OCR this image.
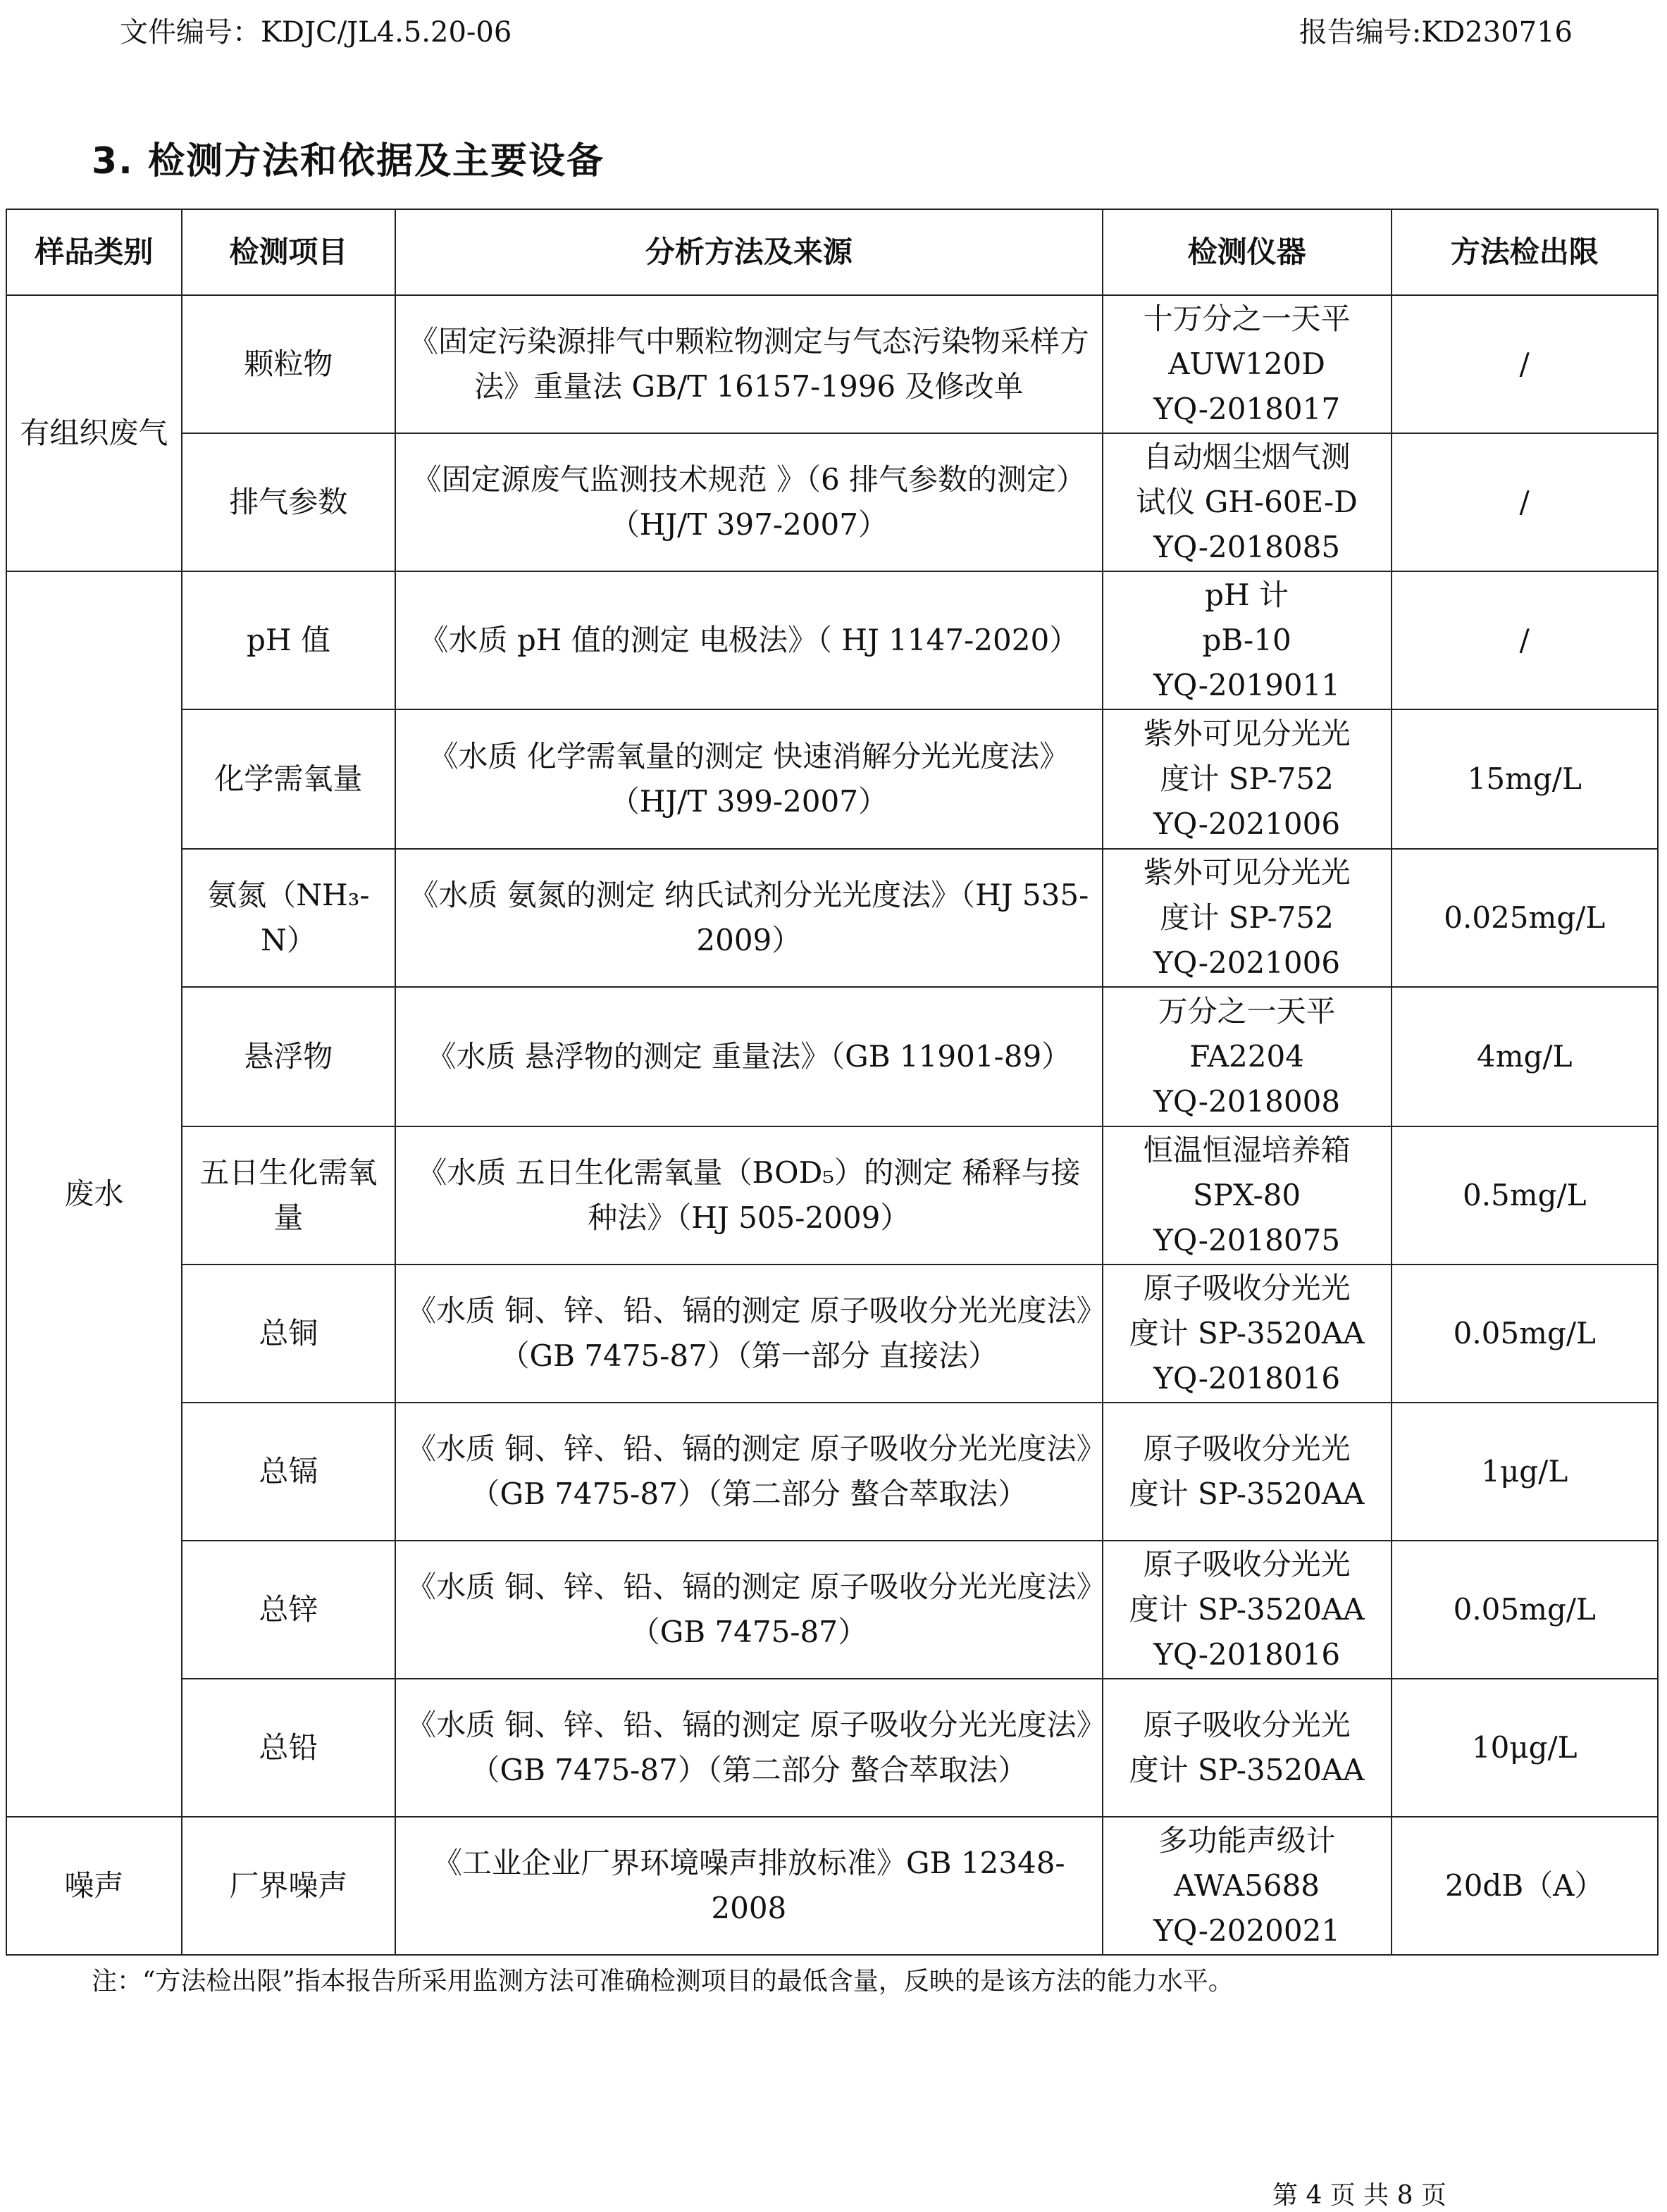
文件编号：KDJC/JL4.5.20-06	报告编号:KD230716
3. 检测方法和依据及主要设备
样品类别	检测项目	分析方法及来源	检测仪器	方法检出限
有组织废气	颗粒物	《固定污染源排气中颗粒物测定与气态污染物采样方法》重量法 GB/T 16157-1996 及修改单	十万分之一天平
AUW120D
YQ-2018017	/
	排气参数	《固定源废气监测技术规范 》（6 排气参数的测定）（HJ/T 397-2007）	自动烟尘烟气测
试仪 GH-60E-D
YQ-2018085	/
废水	pH 值	《水质 pH 值的测定 电极法》（ HJ 1147-2020）	pH 计
pB-10
YQ-2019011	/
	化学需氧量	《水质 化学需氧量的测定 快速消解分光光度法》（HJ/T 399-2007）	紫外可见分光光
度计 SP-752
YQ-2021006	15mg/L
	氨氮（NH₃-N）	《水质 氨氮的测定 纳氏试剂分光光度法》（HJ 535-2009）	紫外可见分光光
度计 SP-752
YQ-2021006	0.025mg/L
	悬浮物	《水质 悬浮物的测定 重量法》（GB 11901-89）	万分之一天平
FA2204
YQ-2018008	4mg/L
	五日生化需氧量	《水质 五日生化需氧量（BOD₅）的测定 稀释与接种法》（HJ 505-2009）	恒温恒湿培养箱
SPX-80
YQ-2018075	0.5mg/L
	总铜	《水质 铜、锌、铅、镉的测定 原子吸收分光光度法》（GB 7475-87）（第一部分 直接法）	原子吸收分光光
度计 SP-3520AA
YQ-2018016	0.05mg/L
	总镉	《水质 铜、锌、铅、镉的测定 原子吸收分光光度法》（GB 7475-87）（第二部分 螯合萃取法）	原子吸收分光光
度计 SP-3520AA	1μg/L
	总锌	《水质 铜、锌、铅、镉的测定 原子吸收分光光度法》（GB 7475-87）	原子吸收分光光
度计 SP-3520AA
YQ-2018016	0.05mg/L
	总铅	《水质 铜、锌、铅、镉的测定 原子吸收分光光度法》（GB 7475-87）（第二部分 螯合萃取法）	原子吸收分光光
度计 SP-3520AA	10μg/L
噪声	厂界噪声	《工业企业厂界环境噪声排放标准》GB 12348-2008	多功能声级计
AWA5688
YQ-2020021	20dB（A）
注：“方法检出限”指本报告所采用监测方法可准确检测项目的最低含量，反映的是该方法的能力水平。
第 4 页 共 8 页
